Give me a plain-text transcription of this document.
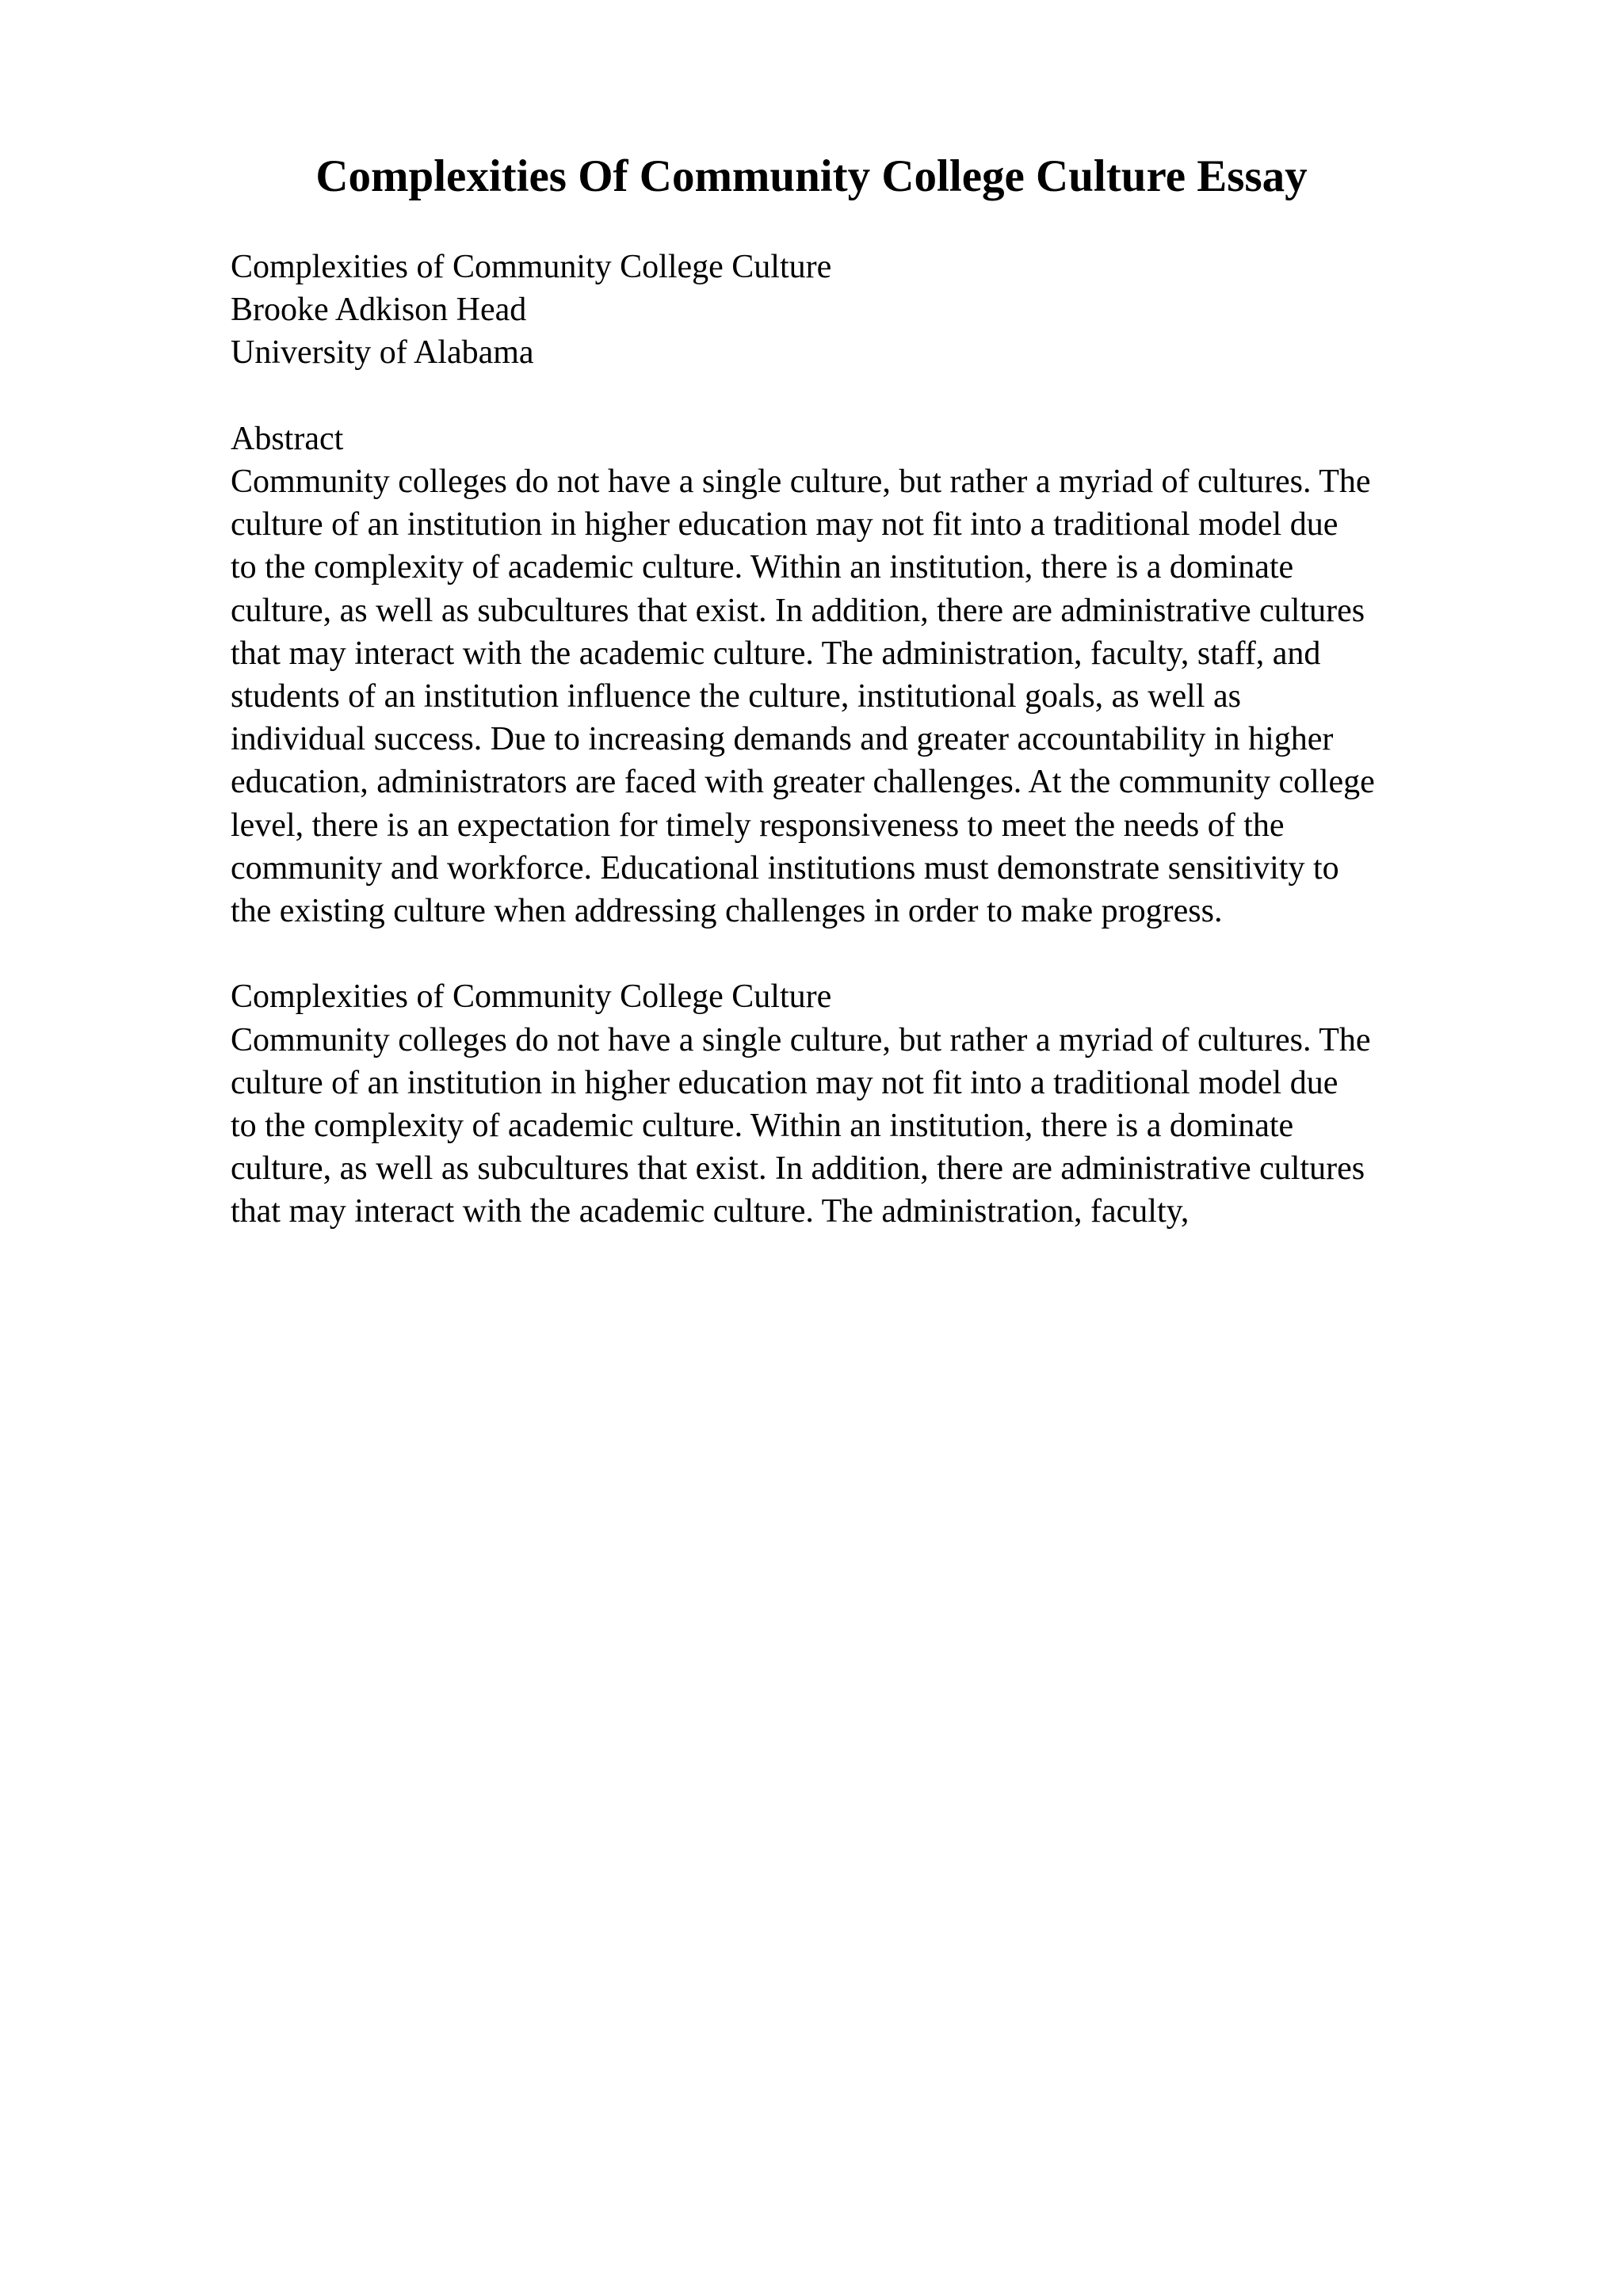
Complexities Of Community College Culture Essay
Complexities of Community College Culture
Brooke Adkison Head
University of Alabama
Abstract
Community colleges do not have a single culture, but rather a myriad of cultures. The
culture of an institution in higher education may not fit into a traditional model due
to the complexity of academic culture. Within an institution, there is a dominate
culture, as well as subcultures that exist. In addition, there are administrative cultures
that may interact with the academic culture. The administration, faculty, staff, and
students of an institution influence the culture, institutional goals, as well as
individual success. Due to increasing demands and greater accountability in higher
education, administrators are faced with greater challenges. At the community college
level, there is an expectation for timely responsiveness to meet the needs of the
community and workforce. Educational institutions must demonstrate sensitivity to
the existing culture when addressing challenges in order to make progress.
Complexities of Community College Culture
Community colleges do not have a single culture, but rather a myriad of cultures. The
culture of an institution in higher education may not fit into a traditional model due
to the complexity of academic culture. Within an institution, there is a dominate
culture, as well as subcultures that exist. In addition, there are administrative cultures
that may interact with the academic culture. The administration, faculty,
